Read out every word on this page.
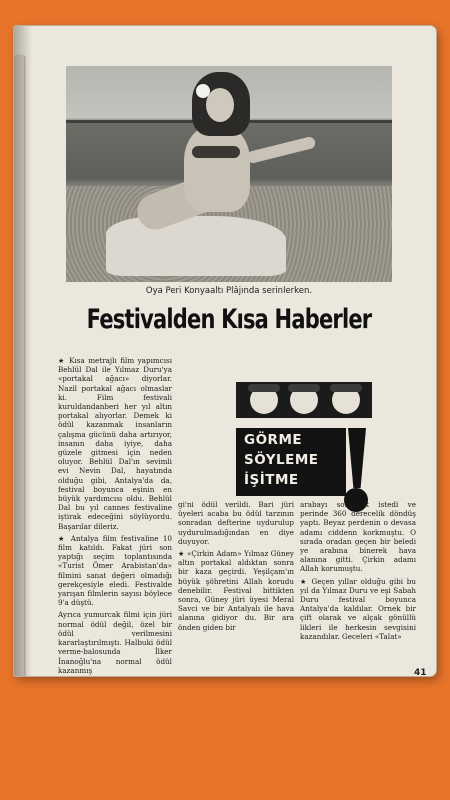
Oya Peri Konyaaltı Plâjında serinlerken.
Festivalden Kısa Haberler

★ Kısa metrajlı film yapımcısı Behlül Dal ile Yılmaz Duru'ya «portakal ağacı» diyorlar. Nazil portakal ağacı olmaslar ki. Film festivali kuruldandanberi her yıl altın portakal alıyorlar. Demek ki ödül kazanmak insanların çalışma gücünü daha artırıyor, insanın daha iyiye, daha güzele gitmesi için neden oluyor. Behlül Dal'ın sevimli evi Nevin Dal, hayatında olduğu gibi, Antalya'da da, festival boyunca eşinin en büyük yardımcısı oldu. Behlül Dal bu yıl cannes festivaline iştirak edeceğini söylüyordu. Başarılar dileriz.

★ Antalya film festivaline 10 film katıldı. Fakat jüri son yaptığı seçim toplantısında «Turist Ömer Arabistan'da» filmini sanat değeri olmadığı gerekçesiyle eledi. Festivalde yarışan filmlerin sayısı böylece 9'a düştü.

Ayrıca yumurcak filmi için jüri normal ödül değil, özel bir ödül verilmesini kararlaştırılmıştı. Halbuki ödül verme-balosunda İlker İnanoğlu'na normal ödül kazanmış

GÖRME
SÖYLEME
İŞİTME

gi'ni ödül verildi. Bari jüri üyeleri acaba bu ödül tarzının sonradan defterine uydurulup uydurulmadığından en diye duyuyor.

★ «Çirkin Adam» Yılmaz Güney altın portakal aldıktan sonra bir kaza geçirdi. Yeşilçam'ın büyük şöhretini Allah korudu denebilir. Festival bittikten sonra, Güney jüri üyesi Meral Savci ve bir Antalyalı ile hava alanına gidiyor du. Bir ara önden giden bir

arabayı sollamak istedi ve perinde 360 derecelik döndüş yaptı. Beyaz perdenin o devasa adamı ciddenn korkmuştu. O sırada oradan geçen bir beledi ye arabına binerek hava alanına gitti. Çirkin adamı Allah korumuştu.

★ Geçen yıllar olduğu gibi bu yıl da Yılmaz Duru ve eşi Sabah Duru festival boyunca Antalya'da kaldılar. Ornek bir çift olarak ve alçak gönüllü likleri ile herkesin sevgisini kazandılar. Geceleri «Talat»

41
